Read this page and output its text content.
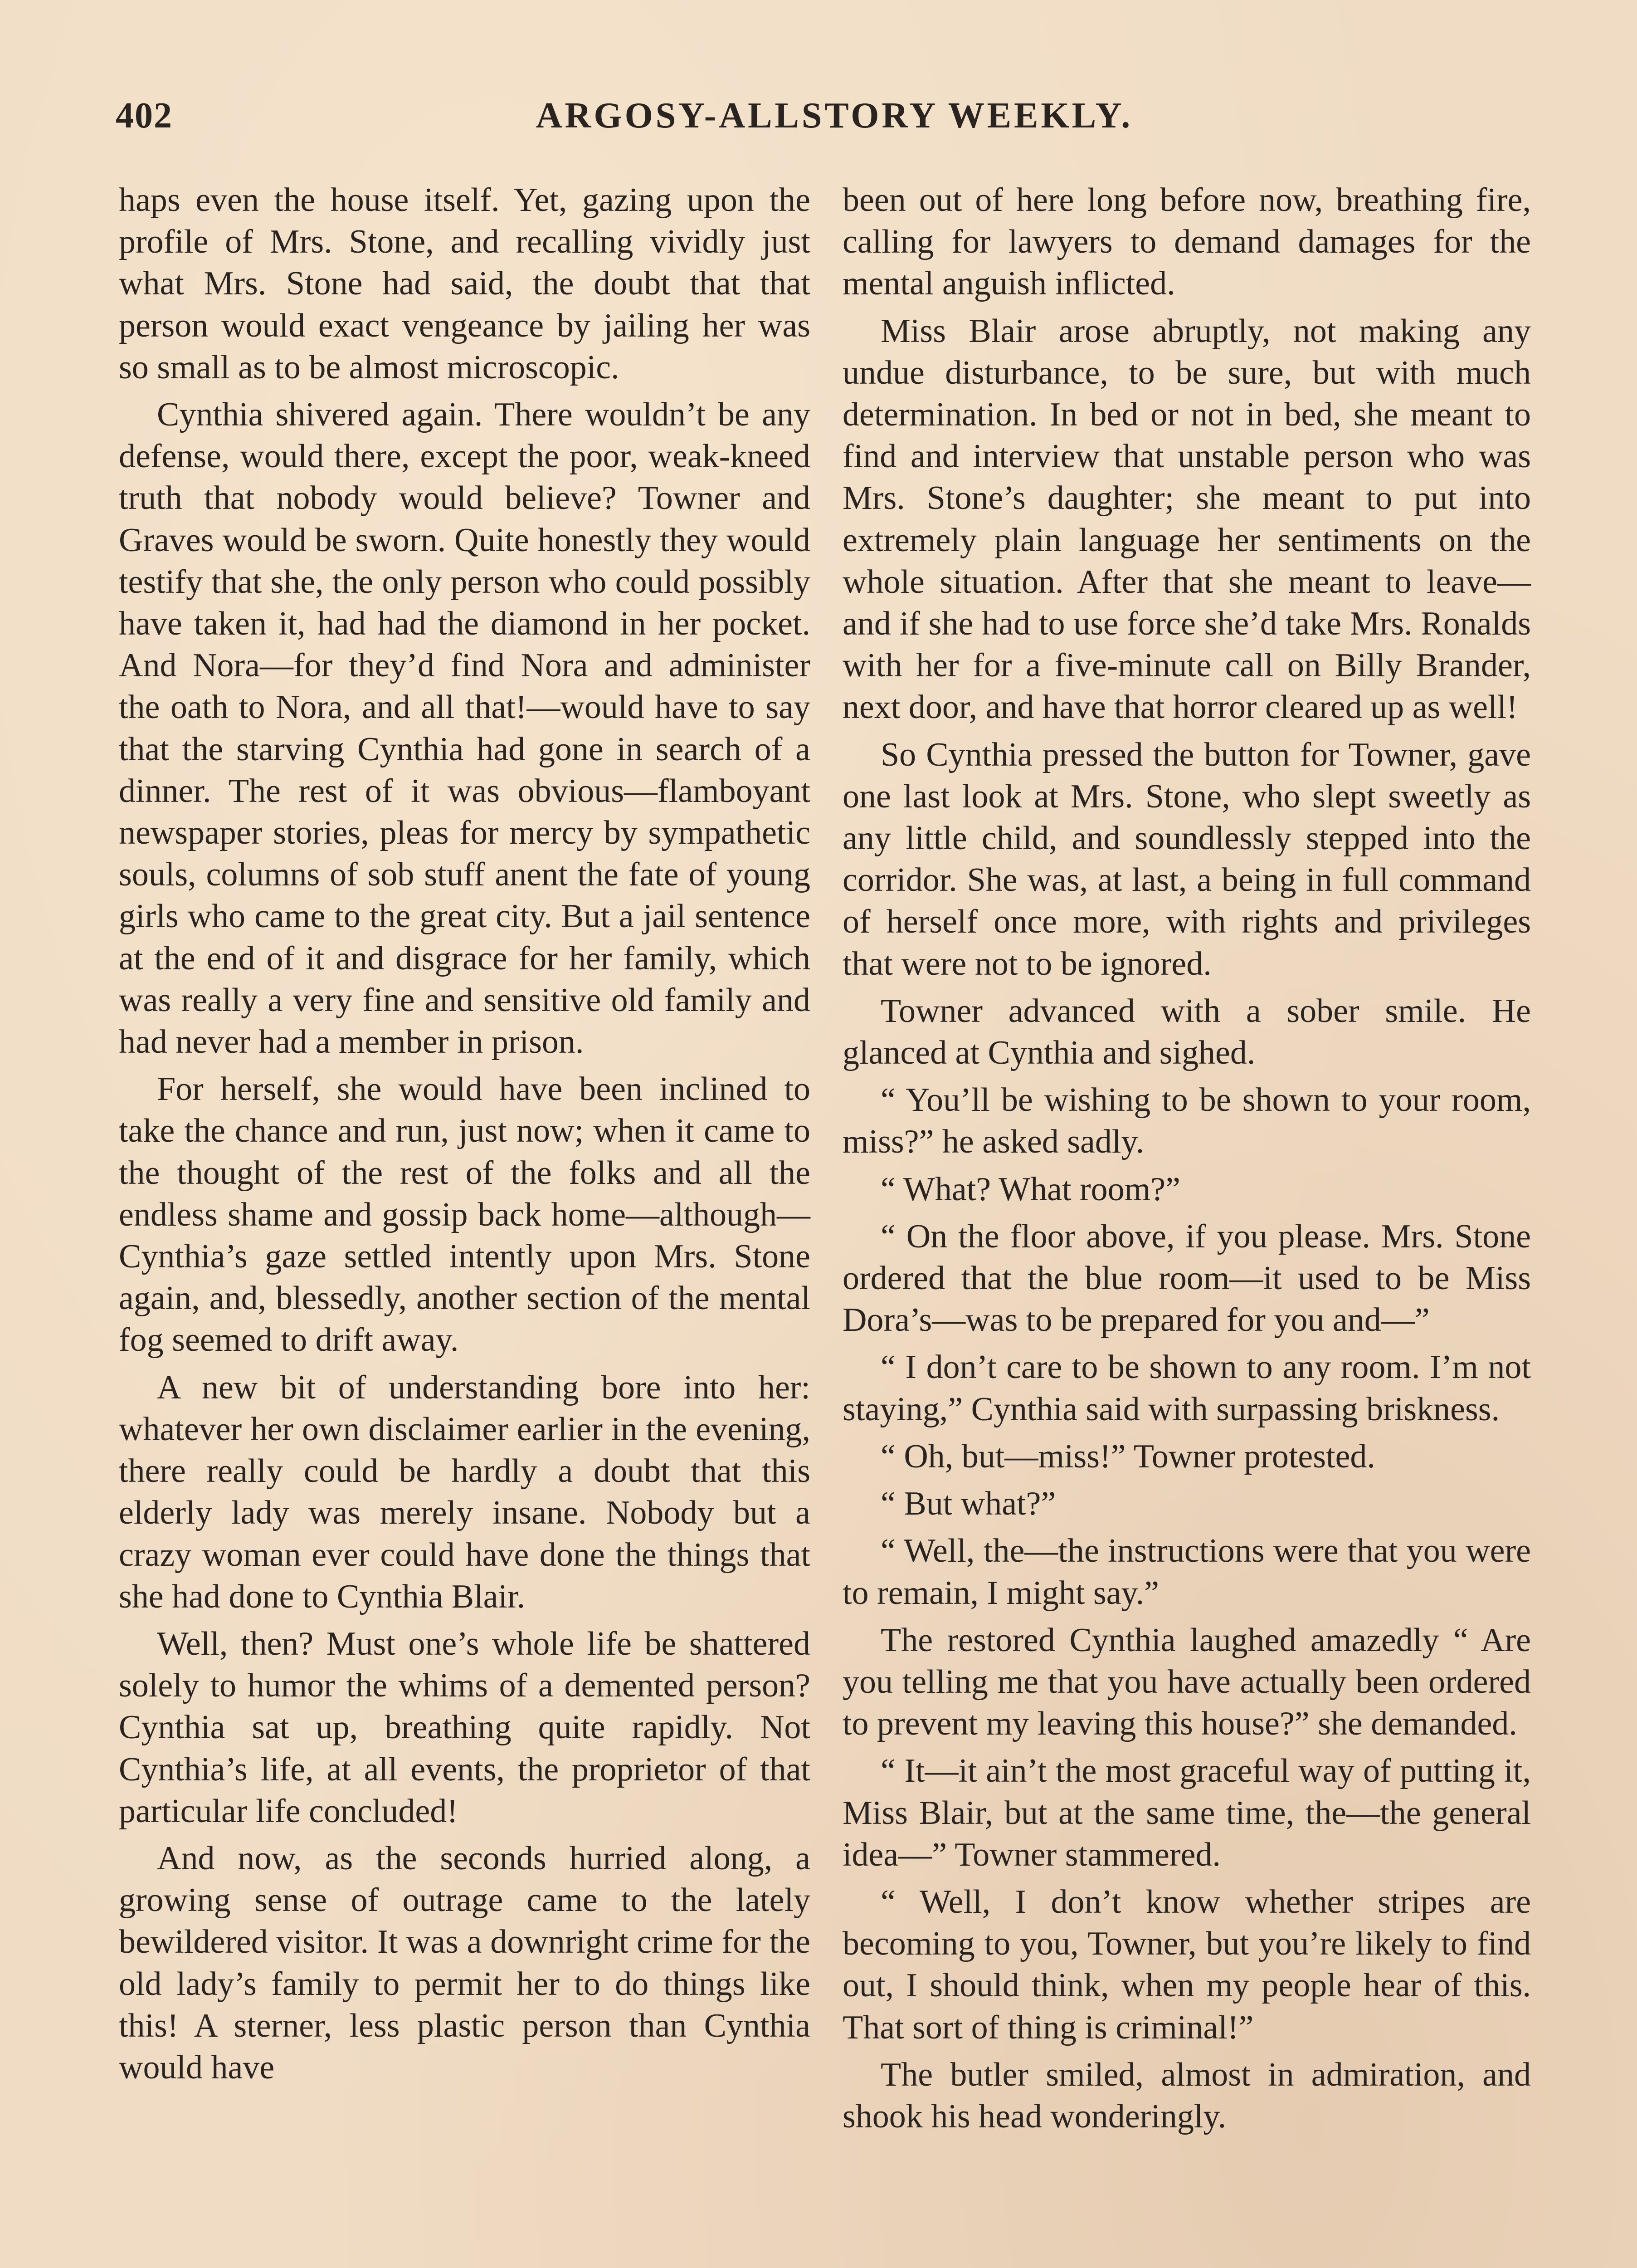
402	ARGOSY-ALLSTORY WEEKLY.

haps even the house itself. Yet, gazing upon the profile of Mrs. Stone, and recalling vividly just what Mrs. Stone had said, the doubt that that person would exact vengeance by jailing her was so small as to be almost microscopic.

Cynthia shivered again. There wouldn’t be any defense, would there, except the poor, weak-kneed truth that nobody would believe? Towner and Graves would be sworn. Quite honestly they would testify that she, the only person who could possibly have taken it, had had the diamond in her pocket. And Nora—for they’d find Nora and administer the oath to Nora, and all that!—would have to say that the starving Cynthia had gone in search of a dinner. The rest of it was obvious—flamboyant newspaper stories, pleas for mercy by sympathetic souls, columns of sob stuff anent the fate of young girls who came to the great city. But a jail sentence at the end of it and disgrace for her family, which was really a very fine and sensitive old family and had never had a member in prison.

For herself, she would have been inclined to take the chance and run, just now; when it came to the thought of the rest of the folks and all the endless shame and gossip back home—although— Cynthia’s gaze settled intently upon Mrs. Stone again, and, blessedly, another section of the mental fog seemed to drift away.

A new bit of understanding bore into her: whatever her own disclaimer earlier in the evening, there really could be hardly a doubt that this elderly lady was merely insane. Nobody but a crazy woman ever could have done the things that she had done to Cynthia Blair.

Well, then? Must one’s whole life be shattered solely to humor the whims of a demented person? Cynthia sat up, breathing quite rapidly. Not Cynthia’s life, at all events, the proprietor of that particular life concluded!

And now, as the seconds hurried along, a growing sense of outrage came to the lately bewildered visitor. It was a downright crime for the old lady’s family to permit her to do things like this! A sterner, less plastic person than Cynthia would have

been out of here long before now, breathing fire, calling for lawyers to demand damages for the mental anguish inflicted.

Miss Blair arose abruptly, not making any undue disturbance, to be sure, but with much determination. In bed or not in bed, she meant to find and interview that unstable person who was Mrs. Stone’s daughter; she meant to put into extremely plain language her sentiments on the whole situation. After that she meant to leave—and if she had to use force she’d take Mrs. Ronalds with her for a five-minute call on Billy Brander, next door, and have that horror cleared up as well!

So Cynthia pressed the button for Towner, gave one last look at Mrs. Stone, who slept sweetly as any little child, and soundlessly stepped into the corridor. She was, at last, a being in full command of herself once more, with rights and privileges that were not to be ignored.

Towner advanced with a sober smile. He glanced at Cynthia and sighed.

“ You’ll be wishing to be shown to your room, miss?” he asked sadly.

“ What? What room?”

“ On the floor above, if you please. Mrs. Stone ordered that the blue room—it used to be Miss Dora’s—was to be prepared for you and—”

“ I don’t care to be shown to any room. I’m not staying,” Cynthia said with surpassing briskness.

“ Oh, but—miss!” Towner protested.

“ But what?”

“ Well, the—the instructions were that you were to remain, I might say.”

The restored Cynthia laughed amazedly “ Are you telling me that you have actually been ordered to prevent my leaving this house?” she demanded.

“ It—it ain’t the most graceful way of putting it, Miss Blair, but at the same time, the—the general idea—” Towner stammered.

“ Well, I don’t know whether stripes are becoming to you, Towner, but you’re likely to find out, I should think, when my people hear of this. That sort of thing is criminal!”

The butler smiled, almost in admiration, and shook his head wonderingly.
